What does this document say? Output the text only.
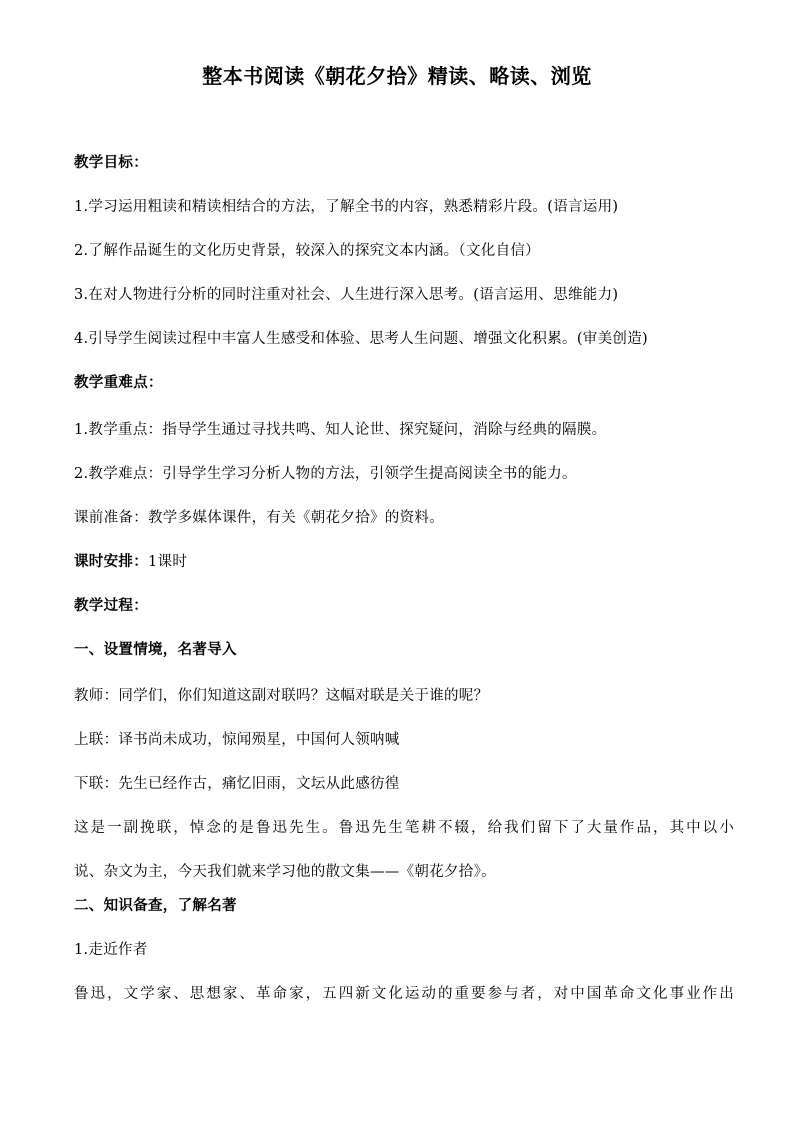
整本书阅读《朝花夕拾》精读、略读、浏览
教学目标：
1.学习运用粗读和精读相结合的方法，了解全书的内容，熟悉精彩片段。(语言运用)
2.了解作品诞生的文化历史背景，较深入的探究文本内涵。（文化自信）
3.在对人物进行分析的同时注重对社会、人生进行深入思考。(语言运用、思维能力)
4.引导学生阅读过程中丰富人生感受和体验、思考人生问题、增强文化积累。(审美创造)
教学重难点：
1.教学重点：指导学生通过寻找共鸣、知人论世、探究疑问，消除与经典的隔膜。
2.教学难点：引导学生学习分析人物的方法，引领学生提高阅读全书的能力。
课前准备：教学多媒体课件，有关《朝花夕拾》的资料。
课时安排：1课时
教学过程：
一、设置情境，名著导入
教师：同学们，你们知道这副对联吗？这幅对联是关于谁的呢？
上联：译书尚未成功，惊闻殒星，中国何人领呐喊
下联：先生已经作古，痛忆旧雨，文坛从此感彷徨
这是一副挽联，悼念的是鲁迅先生。鲁迅先生笔耕不辍，给我们留下了大量作品，其中以小
说、杂文为主，今天我们就来学习他的散文集——《朝花夕拾》。
二、知识备查，了解名著
1.走近作者
鲁迅，文学家、思想家、革命家，五四新文化运动的重要参与者，对中国革命文化事业作出
